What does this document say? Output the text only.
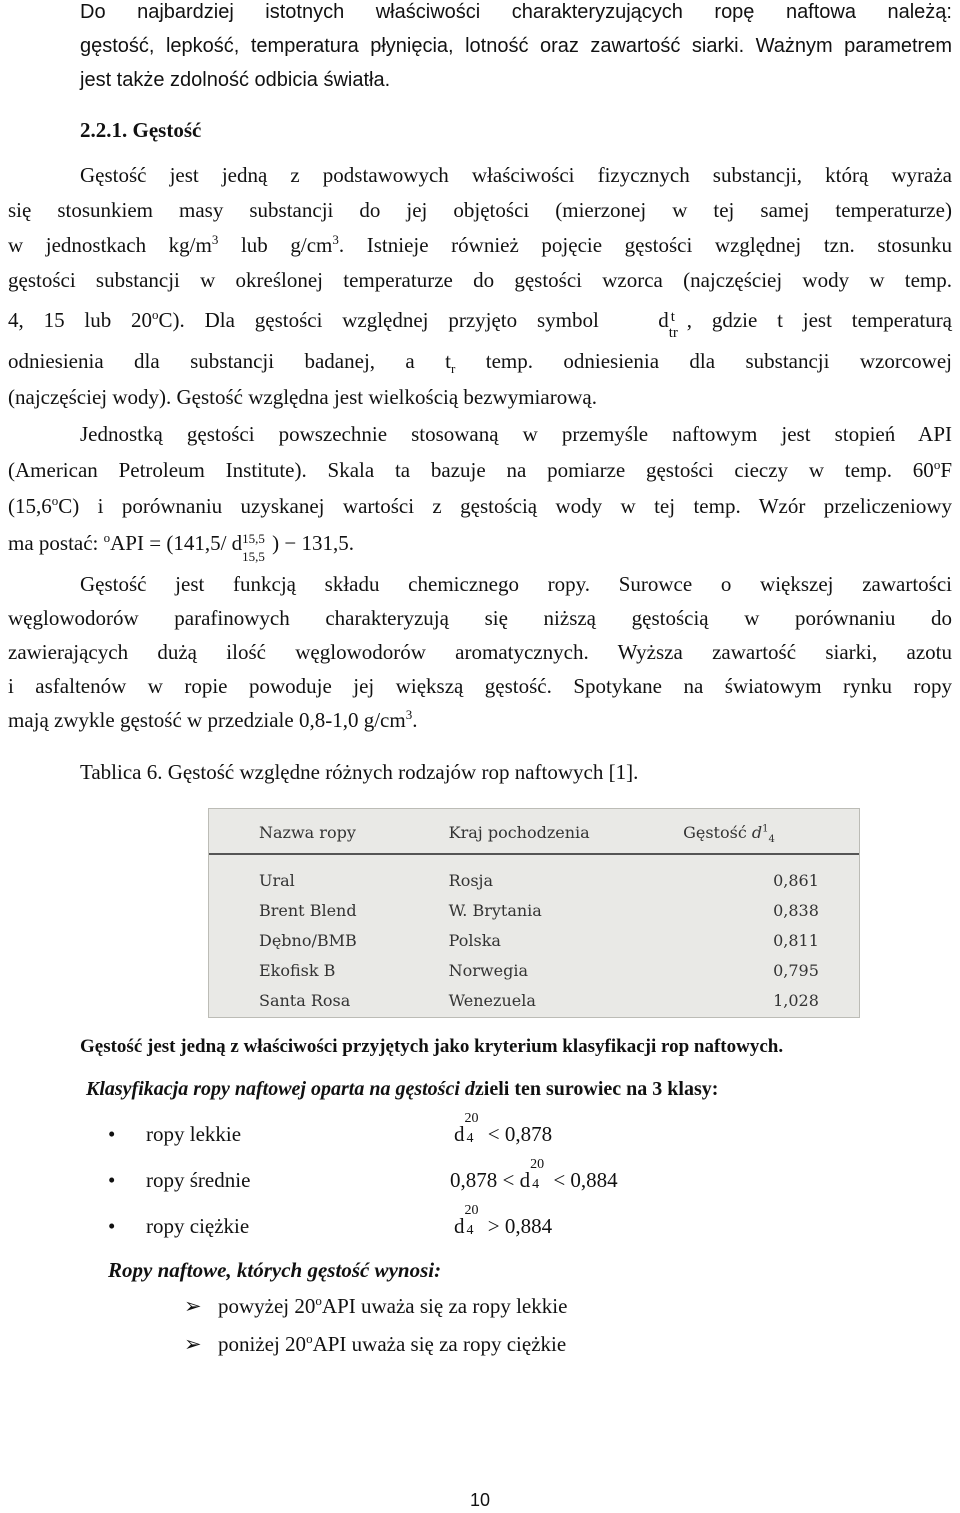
Do najbardziej istotnych właściwości charakteryzujących ropę naftowa należą:
gęstość, lepkość, temperatura płynięcia, lotność oraz zawartość siarki. Ważnym parametrem
jest także zdolność odbicia światła.

2.2.1. Gęstość

Gęstość jest jedną z podstawowych właściwości fizycznych substancji, którą wyraża
się stosunkiem masy substancji do jej objętości (mierzonej w tej samej temperaturze)
w jednostkach $kg/m^3$ lub $g/cm^3$. Istnieje również pojęcie gęstości względnej tzn. stosunku
gęstości substancji w określonej temperaturze do gęstości wzorca (najczęściej wody w temp.
4, 15 lub 20$^o$C). Dla gęstości względnej przyjęto symbol	d t
tr
, gdzie t jest temperaturą
odniesienia dla substancji badanej, a $t_r$ temp. odniesienia dla substancji wzorcowej
(najczęściej wody). Gęstość względna jest wielkością bezwymiarową.
Jednostką gęstości powszechnie stosowaną w przemyśle naftowym jest stopień API
(American Petroleum Institute). Skala ta bazuje na pomiarze gęstości cieczy w temp. 60$^o$F
(15,6$^o$C) i porównaniu uzyskanej wartości z gęstością wody w tej temp. Wzór przeliczeniowy
ma postać: $^o$API = (141,5/ d 15,5
15,5
) − 131,5.
Gęstość jest funkcją składu chemicznego ropy. Surowce o większej zawartości
węglowodorów parafinowych charakteryzują się niższą gęstością w porównaniu do
zawierających dużą ilość węglowodorów aromatycznych. Wyższa zawartość siarki, azotu
i asfaltenów w ropie powoduje jej większą gęstość. Spotykane na światowym rynku ropy
mają zwykle gęstość w przedziale 0,8-1,0 $g/cm^3$.

Tablica 6. Gęstość względne różnych rodzajów rop naftowych [1].

Nazwa ropy	Kraj pochodzenia	Gęstość $d^1_4$
Ural	Rosja	0,861
Brent Blend	W. Brytania	0,838
Dębno/BMB	Polska	0,811
Ekofisk B	Norwegia	0,795
Santa Rosa	Wenezuela	1,028

Gęstość jest jedną z właściwości przyjętych jako kryterium klasyfikacji rop naftowych.

Klasyfikacja ropy naftowej oparta na gęstości dzieli ten surowiec na 3 klasy:

• ropy lekkie	d
20
4 < 0,878
• ropy średnie	0,878 < d
20
4 < 0,884
• ropy ciężkie	d
20
4 > 0,884

Ropy naftowe, których gęstość wynosi:

➢ powyżej 20$^o$API uważa się za ropy lekkie

➢ poniżej 20$^o$API uważa się za ropy ciężkie

10
